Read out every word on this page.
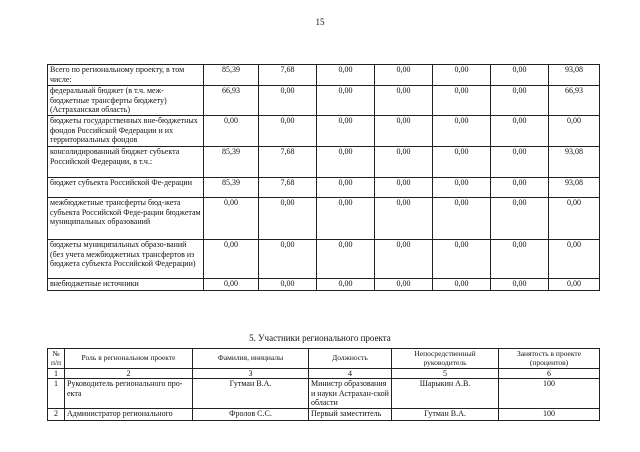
15
Всего по региональному проекту, в том числе:	85,39	7,68	0,00	0,00	0,00	0,00	93,08
федеральный бюджет (в т.ч. меж-бюджетные трансферты бюджету) (Астраханская область)	66,93	0,00	0,00	0,00	0,00	0,00	66,93
бюджеты государственных вне-бюджетных фондов Российской Федерации и их территориальных фондов	0,00	0,00	0,00	0,00	0,00	0,00	0,00
консолидированный бюджет субъекта Российской Федерации, в т.ч.:	85,39	7,68	0,00	0,00	0,00	0,00	93,08
бюджет субъекта Российской Фе-дерации	85,39	7,68	0,00	0,00	0,00	0,00	93,08
межбюджетные трансферты бюд-жета субъекта Российской Феде-рации бюджетам муниципальных образований	0,00	0,00	0,00	0,00	0,00	0,00	0,00
бюджеты муниципальных образо-ваний (без учета межбюджетных трансфертов из бюджета субъекта Российской Федерации)	0,00	0,00	0,00	0,00	0,00	0,00	0,00
внебюджетные источники	0,00	0,00	0,00	0,00	0,00	0,00	0,00
5. Участники регионального проекта
№ п/п	Роль в региональном проекте	Фамилия, инициалы	Должность	Непосредственный руководитель	Занятость в проекте (процентов)
1	2	3	4	5	6
1	Руководитель регионального про-екта	Гутман В.А.	Министр образования и науки Астрахан-ской области	Шарыкин А.В.	100
2	Администратор регионального	Фролов С.С.	Первый заместитель	Гутман В.А.	100
